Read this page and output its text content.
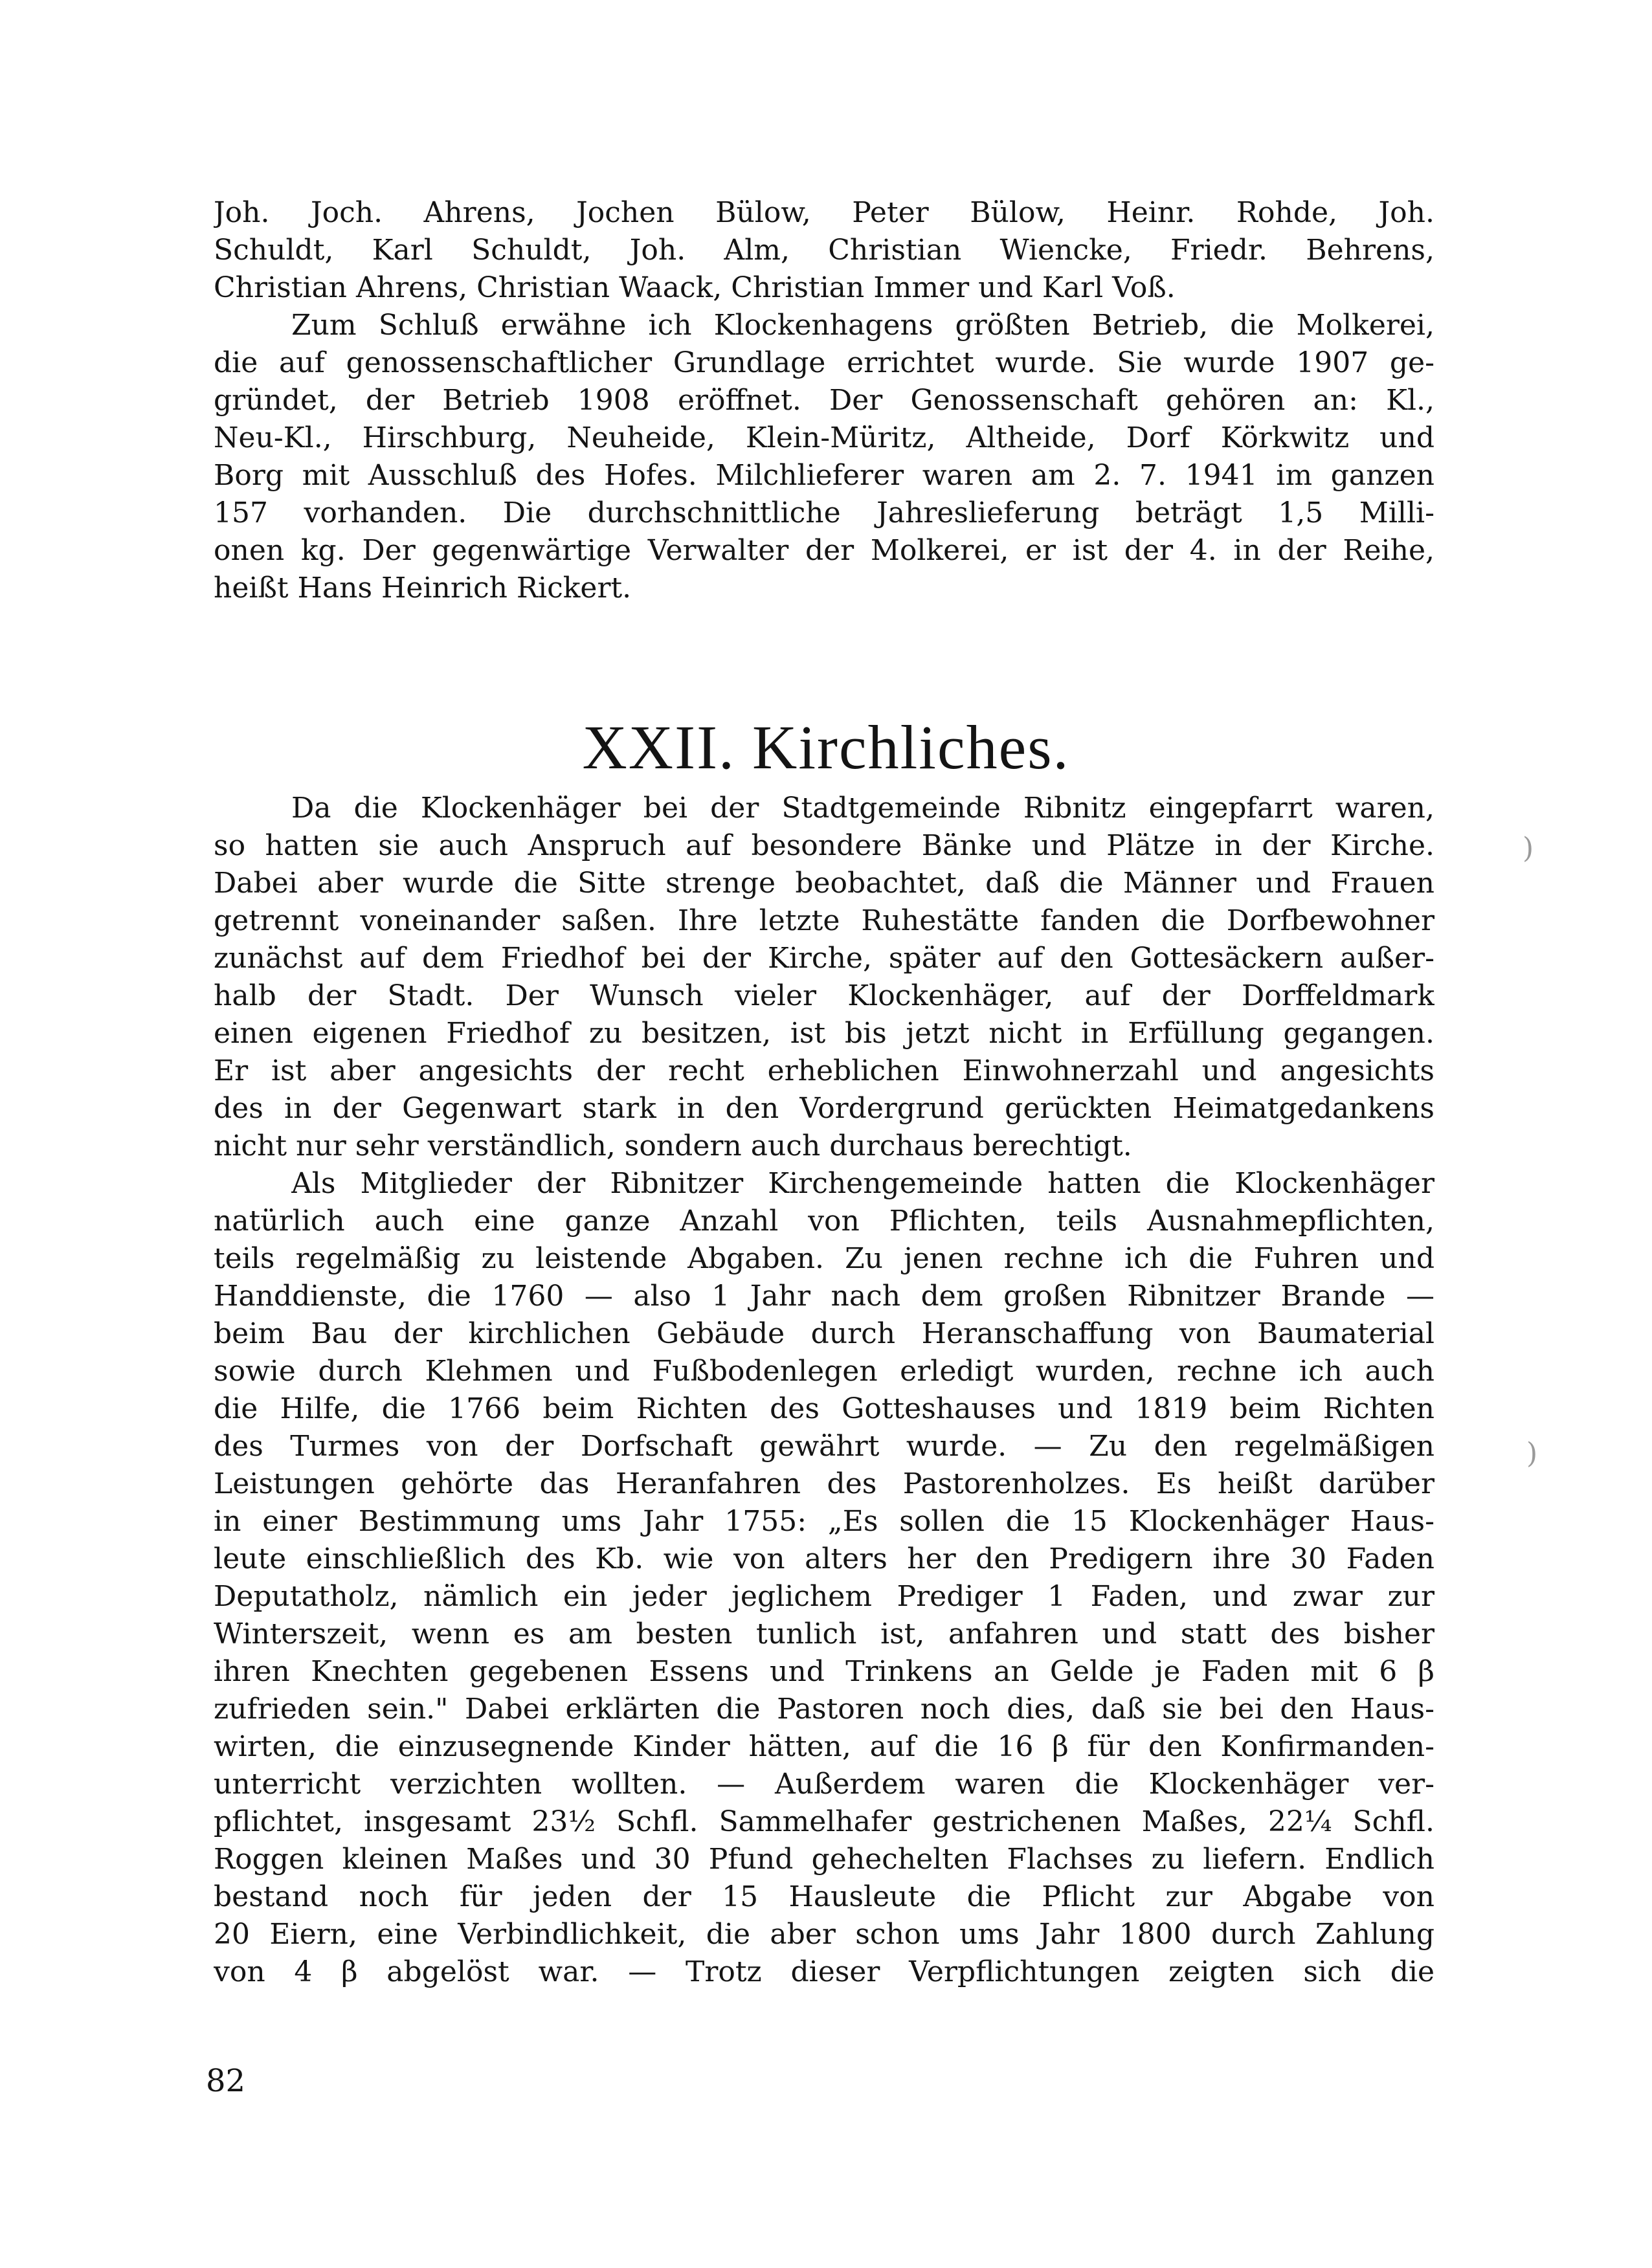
Joh. Joch. Ahrens, Jochen Bülow, Peter Bülow, Heinr. Rohde, Joh.
Schuldt, Karl Schuldt, Joh. Alm, Christian Wiencke, Friedr. Behrens,
Christian Ahrens, Christian Waack, Christian Immer und Karl Voß.
Zum Schluß erwähne ich Klockenhagens größten Betrieb, die Molkerei,
die auf genossenschaftlicher Grundlage errichtet wurde. Sie wurde 1907 ge-
gründet, der Betrieb 1908 eröffnet. Der Genossenschaft gehören an: Kl.,
Neu-Kl., Hirschburg, Neuheide, Klein-Müritz, Altheide, Dorf Körkwitz und
Borg mit Ausschluß des Hofes. Milchlieferer waren am 2. 7. 1941 im ganzen
157 vorhanden. Die durchschnittliche Jahreslieferung beträgt 1,5 Milli-
onen kg. Der gegenwärtige Verwalter der Molkerei, er ist der 4. in der Reihe,
heißt Hans Heinrich Rickert.
XXII. Kirchliches.
Da die Klockenhäger bei der Stadtgemeinde Ribnitz eingepfarrt waren,
so hatten sie auch Anspruch auf besondere Bänke und Plätze in der Kirche.
Dabei aber wurde die Sitte strenge beobachtet, daß die Männer und Frauen
getrennt voneinander saßen. Ihre letzte Ruhestätte fanden die Dorfbewohner
zunächst auf dem Friedhof bei der Kirche, später auf den Gottesäckern außer-
halb der Stadt. Der Wunsch vieler Klockenhäger, auf der Dorffeldmark
einen eigenen Friedhof zu besitzen, ist bis jetzt nicht in Erfüllung gegangen.
Er ist aber angesichts der recht erheblichen Einwohnerzahl und angesichts
des in der Gegenwart stark in den Vordergrund gerückten Heimatgedankens
nicht nur sehr verständlich, sondern auch durchaus berechtigt.
Als Mitglieder der Ribnitzer Kirchengemeinde hatten die Klockenhäger
natürlich auch eine ganze Anzahl von Pflichten, teils Ausnahmepflichten,
teils regelmäßig zu leistende Abgaben. Zu jenen rechne ich die Fuhren und
Handdienste, die 1760 — also 1 Jahr nach dem großen Ribnitzer Brande —
beim Bau der kirchlichen Gebäude durch Heranschaffung von Baumaterial
sowie durch Klehmen und Fußbodenlegen erledigt wurden, rechne ich auch
die Hilfe, die 1766 beim Richten des Gotteshauses und 1819 beim Richten
des Turmes von der Dorfschaft gewährt wurde. — Zu den regelmäßigen
Leistungen gehörte das Heranfahren des Pastorenholzes. Es heißt darüber
in einer Bestimmung ums Jahr 1755: „Es sollen die 15 Klockenhäger Haus-
leute einschließlich des Kb. wie von alters her den Predigern ihre 30 Faden
Deputatholz, nämlich ein jeder jeglichem Prediger 1 Faden, und zwar zur
Winterszeit, wenn es am besten tunlich ist, anfahren und statt des bisher
ihren Knechten gegebenen Essens und Trinkens an Gelde je Faden mit 6 β
zufrieden sein." Dabei erklärten die Pastoren noch dies, daß sie bei den Haus-
wirten, die einzusegnende Kinder hätten, auf die 16 β für den Konfirmanden-
unterricht verzichten wollten. — Außerdem waren die Klockenhäger ver-
pflichtet, insgesamt 23½ Schfl. Sammelhafer gestrichenen Maßes, 22¼ Schfl.
Roggen kleinen Maßes und 30 Pfund gehechelten Flachses zu liefern. Endlich
bestand noch für jeden der 15 Hausleute die Pflicht zur Abgabe von
20 Eiern, eine Verbindlichkeit, die aber schon ums Jahr 1800 durch Zahlung
von 4 β abgelöst war. — Trotz dieser Verpflichtungen zeigten sich die
)
)
82
